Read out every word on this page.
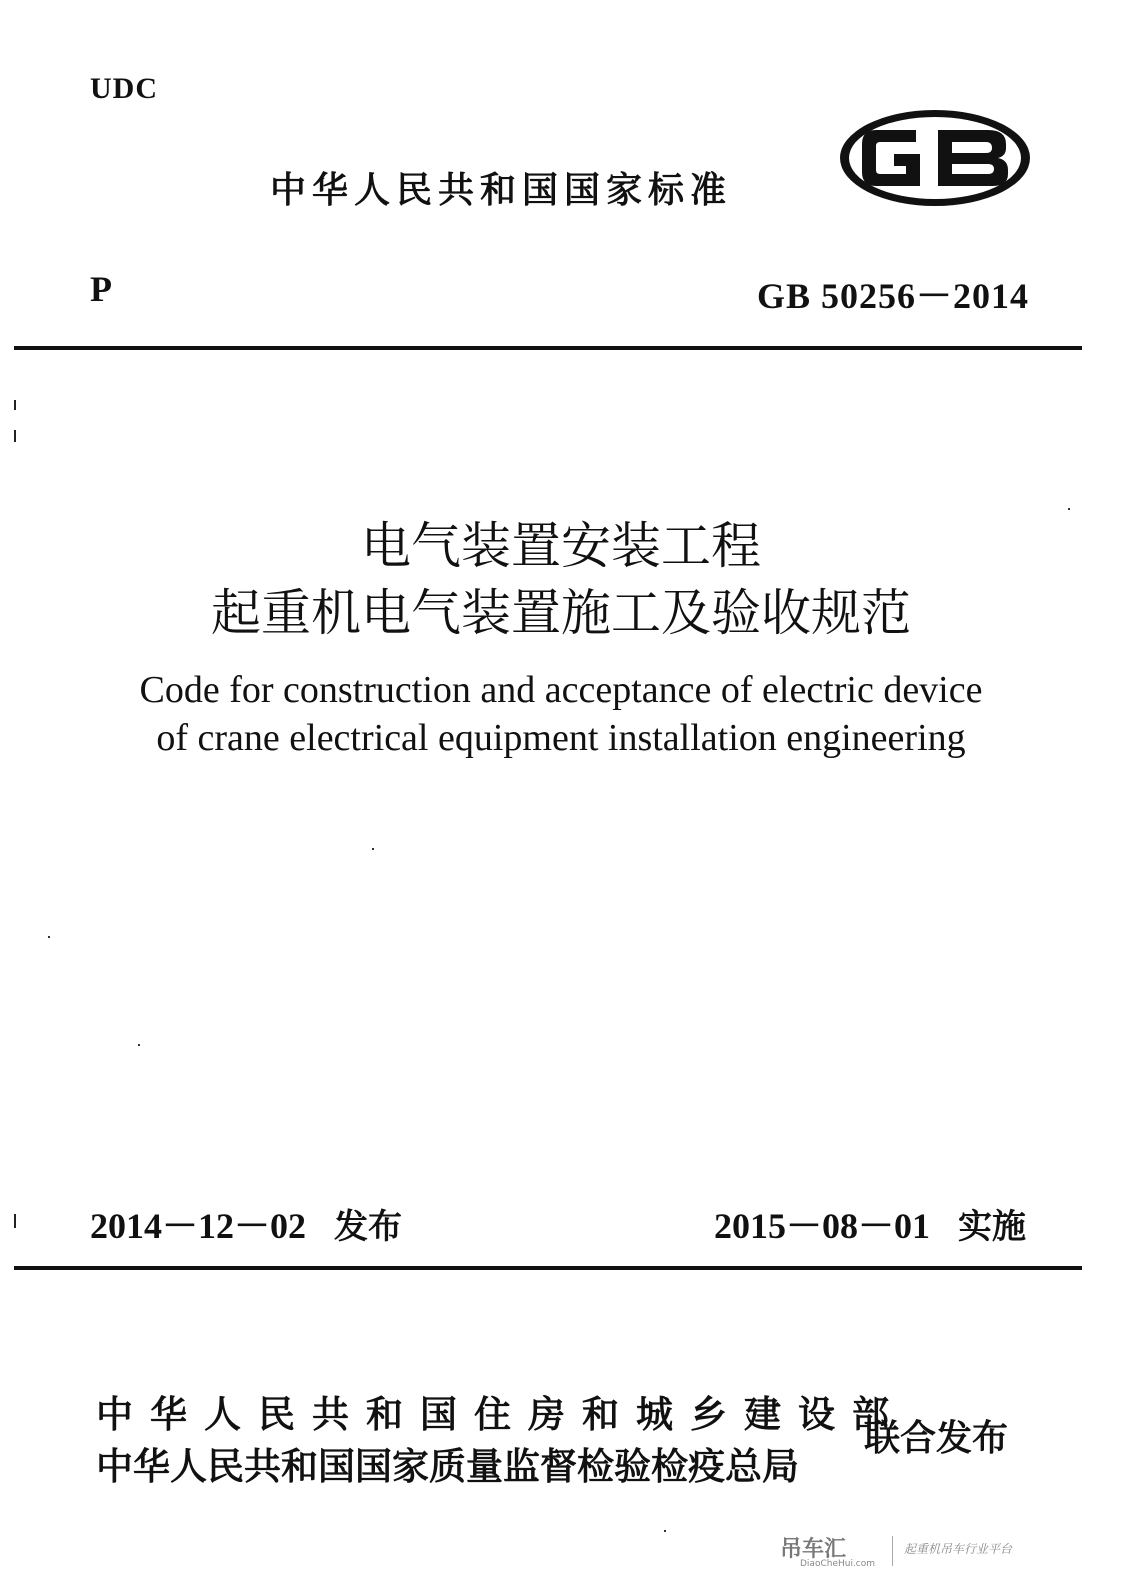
UDC
中华人民共和国国家标准
P	GB 50256－2014
电气装置安装工程
起重机电气装置施工及验收规范
Code for construction and acceptance of electric device
of crane electrical equipment installation engineering
2014－12－02 发布	2015－08－01 实施
中华人民共和国住房和城乡建设部
中华人民共和国国家质量监督检验检疫总局
联合发布
吊车汇
DiaoCheHui.com
起重机吊车行业平台
